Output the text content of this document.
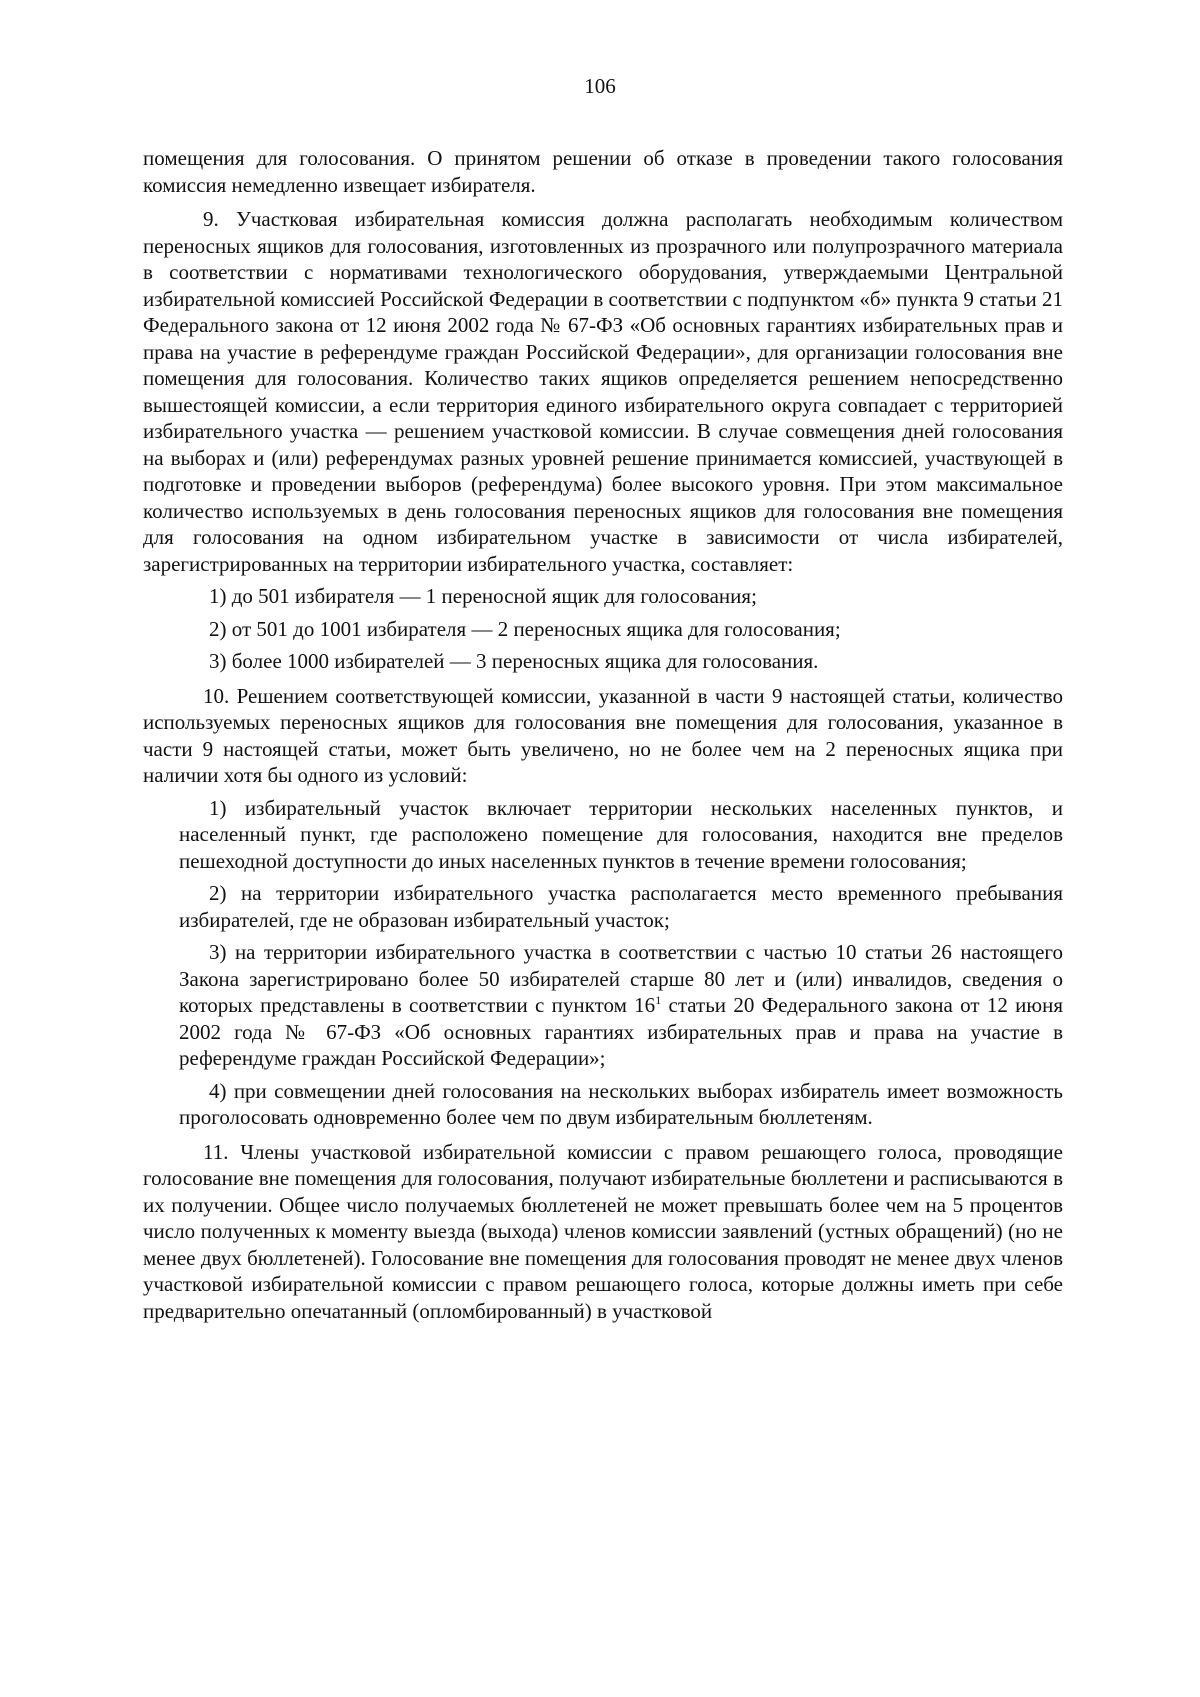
106

помещения для голосования. О принятом решении об отказе в проведении такого голосования комиссия немедленно извещает избирателя.

9. Участковая избирательная комиссия должна располагать необходимым количеством переносных ящиков для голосования, изготовленных из прозрачного или полупрозрачного материала в соответствии с нормативами технологического оборудования, утверждаемыми Центральной избирательной комиссией Российской Федерации в соответствии с подпунктом «б» пункта 9 статьи 21 Федерального закона от 12 июня 2002 года № 67-ФЗ «Об основных гарантиях избирательных прав и права на участие в референдуме граждан Российской Федерации», для организации голосования вне помещения для голосования. Количество таких ящиков определяется решением непосредственно вышестоящей комиссии, а если территория единого избирательного округа совпадает с территорией избирательного участка — решением участковой комиссии. В случае совмещения дней голосования на выборах и (или) референдумах разных уровней решение принимается комиссией, участвующей в подготовке и проведении выборов (референдума) более высокого уровня. При этом максимальное количество используемых в день голосования переносных ящиков для голосования вне помещения для голосования на одном избирательном участке в зависимости от числа избирателей, зарегистрированных на территории избирательного участка, составляет:

1) до 501 избирателя — 1 переносной ящик для голосования;

2) от 501 до 1001 избирателя — 2 переносных ящика для голосования;

3) более 1000 избирателей — 3 переносных ящика для голосования.

10. Решением соответствующей комиссии, указанной в части 9 настоящей статьи, количество используемых переносных ящиков для голосования вне помещения для голосования, указанное в части 9 настоящей статьи, может быть увеличено, но не более чем на 2 переносных ящика при наличии хотя бы одного из условий:

1) избирательный участок включает территории нескольких населенных пунктов, и населенный пункт, где расположено помещение для голосования, находится вне пределов пешеходной доступности до иных населенных пунктов в течение времени голосования;

2) на территории избирательного участка располагается место временного пребывания избирателей, где не образован избирательный участок;

3) на территории избирательного участка в соответствии с частью 10 статьи 26 настоящего Закона зарегистрировано более 50 избирателей старше 80 лет и (или) инвалидов, сведения о которых представлены в соответствии с пунктом $16^1$ статьи 20 Федерального закона от 12 июня 2002 года № 67-ФЗ «Об основных гарантиях избирательных прав и права на участие в референдуме граждан Российской Федерации»;

4) при совмещении дней голосования на нескольких выборах избиратель имеет возможность проголосовать одновременно более чем по двум избирательным бюллетеням.

11. Члены участковой избирательной комиссии с правом решающего голоса, проводящие голосование вне помещения для голосования, получают избирательные бюллетени и расписываются в их получении. Общее число получаемых бюллетеней не может превышать более чем на 5 процентов число полученных к моменту выезда (выхода) членов комиссии заявлений (устных обращений) (но не менее двух бюллетеней). Голосование вне помещения для голосования проводят не менее двух членов участковой избирательной комиссии с правом решающего голоса, которые должны иметь при себе предварительно опечатанный (опломбированный) в участковой
